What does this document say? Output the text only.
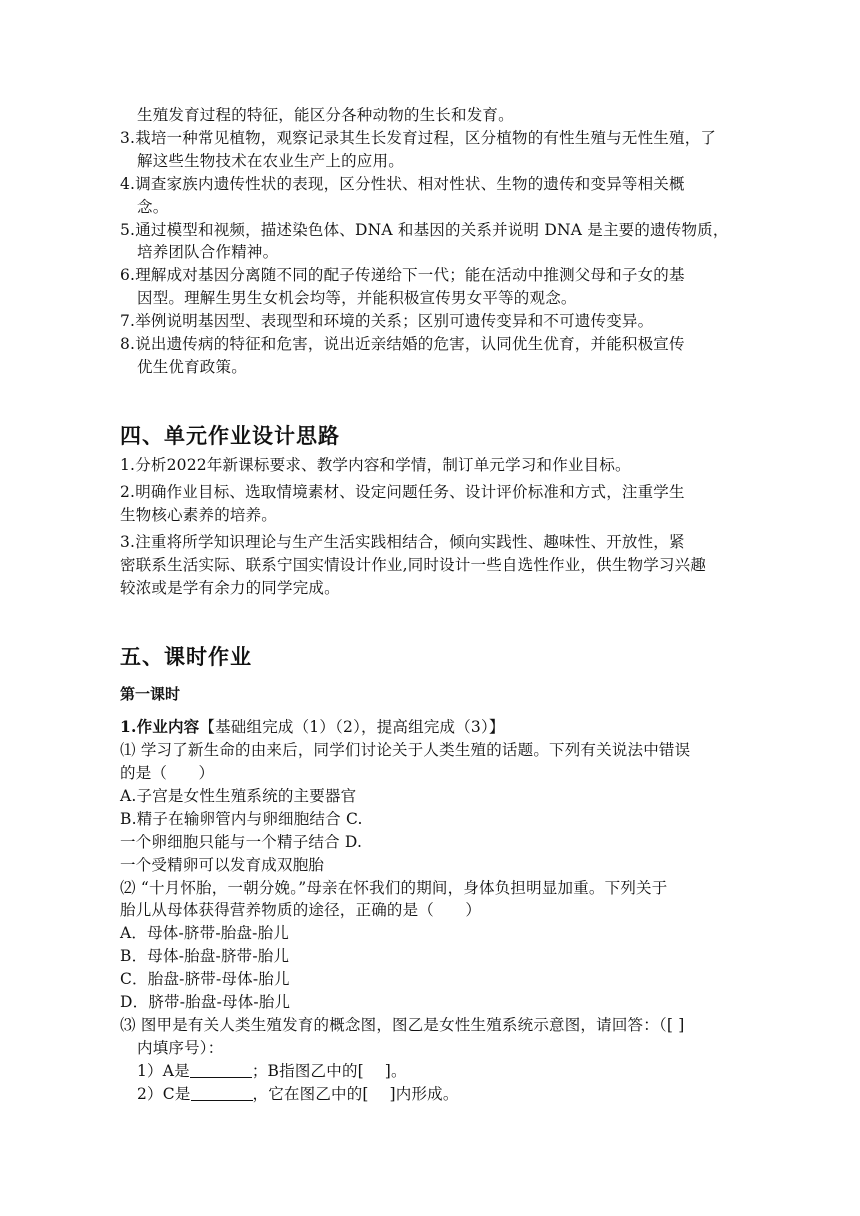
生殖发育过程的特征，能区分各种动物的生长和发育。
3.栽培一种常见植物，观察记录其生长发育过程，区分植物的有性生殖与无性生殖，了
解这些生物技术在农业生产上的应用。
4.调查家族内遗传性状的表现，区分性状、相对性状、生物的遗传和变异等相关概
念。
5.通过模型和视频，描述染色体、DNA 和基因的关系并说明 DNA 是主要的遗传物质，
培养团队合作精神。
6.理解成对基因分离随不同的配子传递给下一代；能在活动中推测父母和子女的基
因型。理解生男生女机会均等，并能积极宣传男女平等的观念。
7.举例说明基因型、表现型和环境的关系；区别可遗传变异和不可遗传变异。
8.说出遗传病的特征和危害，说出近亲结婚的危害，认同优生优育，并能积极宣传
优生优育政策。
四、单元作业设计思路
1.分析2022年新课标要求、教学内容和学情，制订单元学习和作业目标。
2.明确作业目标、选取情境素材、设定问题任务、设计评价标准和方式，注重学生
生物核心素养的培养。
3.注重将所学知识理论与生产生活实践相结合，倾向实践性、趣味性、开放性，紧
密联系生活实际、联系宁国实情设计作业,同时设计一些自选性作业，供生物学习兴趣
较浓或是学有余力的同学完成。
五、课时作业
第一课时
1.作业内容【基础组完成（1）（2），提高组完成（3）】
⑴ 学习了新生命的由来后，同学们讨论关于人类生殖的话题。下列有关说法中错误
的是（　　）
A.子宫是女性生殖系统的主要器官
B.精子在输卵管内与卵细胞结合 C.
一个卵细胞只能与一个精子结合 D.
一个受精卵可以发育成双胞胎
⑵ “十月怀胎，一朝分娩。”母亲在怀我们的期间，身体负担明显加重。下列关于
胎儿从母体获得营养物质的途径，正确的是（　　）
A．母体-脐带-胎盘-胎儿
B．母体-胎盘-脐带-胎儿
C．胎盘-脐带-母体-胎儿
D．脐带-胎盘-母体-胎儿
⑶ 图甲是有关人类生殖发育的概念图，图乙是女性生殖系统示意图，请回答：（[ ]
内填序号）：
1）A是	；B指图乙中的[　 ]。
2）C是	，它在图乙中的[　 ]内形成。
